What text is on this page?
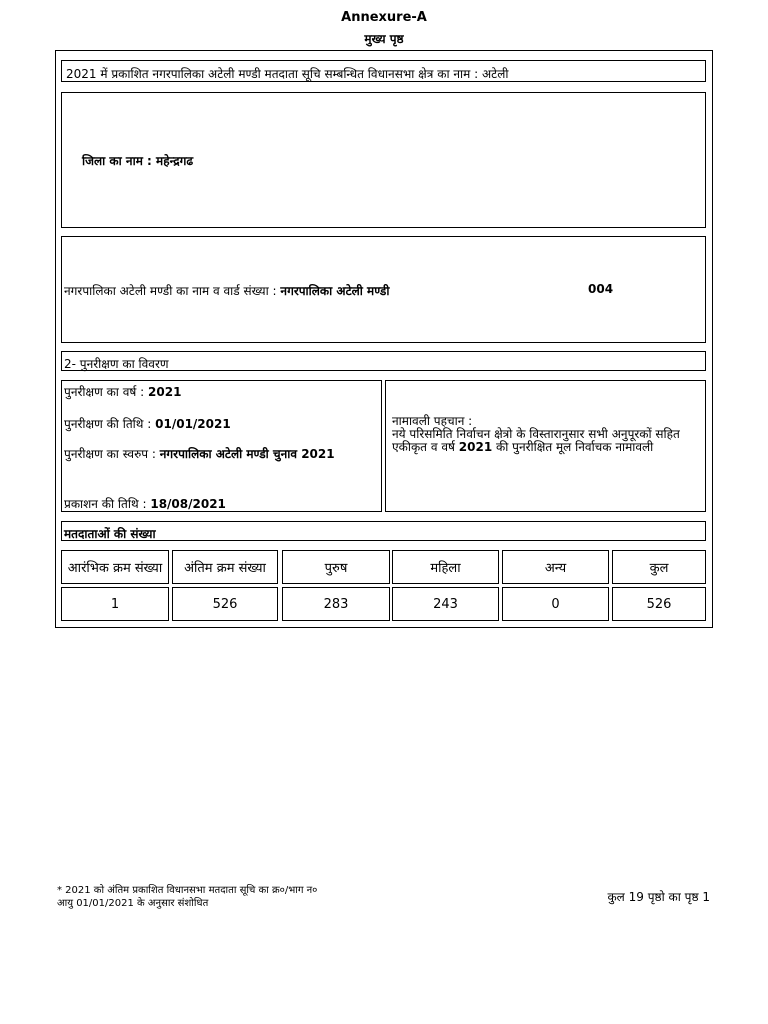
Annexure-A
मुख्य पृष्ठ
2021 में प्रकाशित नगरपालिका अटेली मण्डी मतदाता सूचि सम्बन्धित विधानसभा क्षेत्र का नाम : अटेली
जिला का नाम : महेन्द्रगढ
नगरपालिका अटेली मण्डी का नाम व वार्ड संख्या : नगरपालिका अटेली मण्डी	004
2- पुनरीक्षण का विवरण
पुनरीक्षण का वर्ष : 2021
पुनरीक्षण की तिथि : 01/01/2021
पुनरीक्षण का स्वरुप : नगरपालिका अटेली मण्डी चुनाव 2021
प्रकाशन की तिथि : 18/08/2021
नामावली पहचान :
नये परिसमिति निर्वाचन क्षेत्रो के विस्तारानुसार सभी अनुपूरकों सहित एकीकृत व वर्ष 2021 की पुनरीक्षित मूल निर्वाचक नामावली
मतदाताओं की संख्या
आरंभिक क्रम संख्या	अंतिम क्रम संख्या	पुरुष	महिला	अन्य	कुल
1	526	283	243	0	526
* 2021 को अंतिम प्रकाशित विधानसभा मतदाता सूचि का क्र०/भाग न०
आयु 01/01/2021 के अनुसार संशोधित	कुल 19 पृष्ठो का पृष्ठ 1
